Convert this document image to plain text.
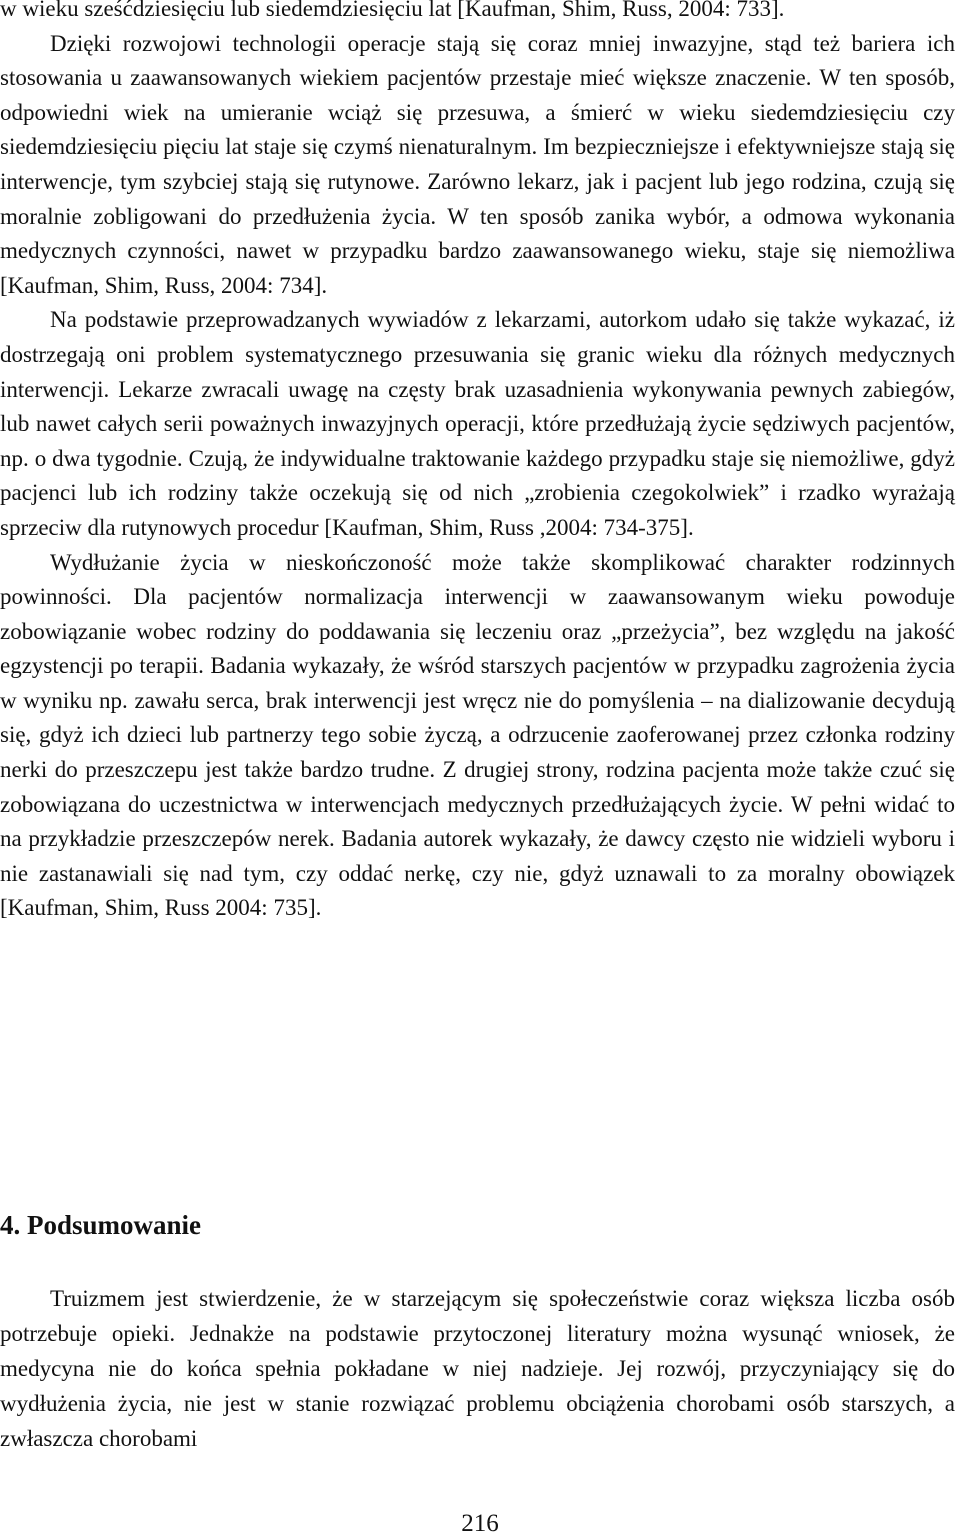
w wieku sześćdziesięciu lub siedemdziesięciu lat [Kaufman, Shim, Russ, 2004: 733].

Dzięki rozwojowi technologii operacje stają się coraz mniej inwazyjne, stąd też bariera ich stosowania u zaawansowanych wiekiem pacjentów przestaje mieć większe znaczenie. W ten sposób, odpowiedni wiek na umieranie wciąż się przesuwa, a śmierć w wieku siedemdziesięciu czy siedemdziesięciu pięciu lat staje się czymś nienaturalnym. Im bezpieczniejsze i efektywniejsze stają się interwencje, tym szybciej stają się rutynowe. Zarówno lekarz, jak i pacjent lub jego rodzina, czują się moralnie zobligowani do przedłużenia życia. W ten sposób zanika wybór, a odmowa wykonania medycznych czynności, nawet w przypadku bardzo zaawansowanego wieku, staje się niemożliwa [Kaufman, Shim, Russ, 2004: 734].

Na podstawie przeprowadzanych wywiadów z lekarzami, autorkom udało się także wykazać, iż dostrzegają oni problem systematycznego przesuwania się granic wieku dla różnych medycznych interwencji. Lekarze zwracali uwagę na częsty brak uzasadnienia wykonywania pewnych zabiegów, lub nawet całych serii poważnych inwazyjnych operacji, które przedłużają życie sędziwych pacjentów, np. o dwa tygodnie. Czują, że indywidualne traktowanie każdego przypadku staje się niemożliwe, gdyż pacjenci lub ich rodziny także oczekują się od nich „zrobienia czegokolwiek” i rzadko wyrażają sprzeciw dla rutynowych procedur [Kaufman, Shim, Russ ,2004: 734-375].

Wydłużanie życia w nieskończoność może także skomplikować charakter rodzinnych powinności. Dla pacjentów normalizacja interwencji w zaawansowanym wieku powoduje zobowiązanie wobec rodziny do poddawania się leczeniu oraz „przeżycia”, bez względu na jakość egzystencji po terapii. Badania wykazały, że wśród starszych pacjentów w przypadku zagrożenia życia w wyniku np. zawału serca, brak interwencji jest wręcz nie do pomyślenia – na dializowanie decydują się, gdyż ich dzieci lub partnerzy tego sobie życzą, a odrzucenie zaoferowanej przez członka rodziny nerki do przeszczepu jest także bardzo trudne. Z drugiej strony, rodzina pacjenta może także czuć się zobowiązana do uczestnictwa w interwencjach medycznych przedłużających życie. W pełni widać to na przykładzie przeszczepów nerek. Badania autorek wykazały, że dawcy często nie widzieli wyboru i nie zastanawiali się nad tym, czy oddać nerkę, czy nie, gdyż uznawali to za moralny obowiązek [Kaufman, Shim, Russ 2004: 735].

4. Podsumowanie

Truizmem jest stwierdzenie, że w starzejącym się społeczeństwie coraz większa liczba osób potrzebuje opieki. Jednakże na podstawie przytoczonej literatury można wysunąć wniosek, że medycyna nie do końca spełnia pokładane w niej nadzieje. Jej rozwój, przyczyniający się do wydłużenia życia, nie jest w stanie rozwiązać problemu obciążenia chorobami osób starszych, a zwłaszcza chorobami

216
